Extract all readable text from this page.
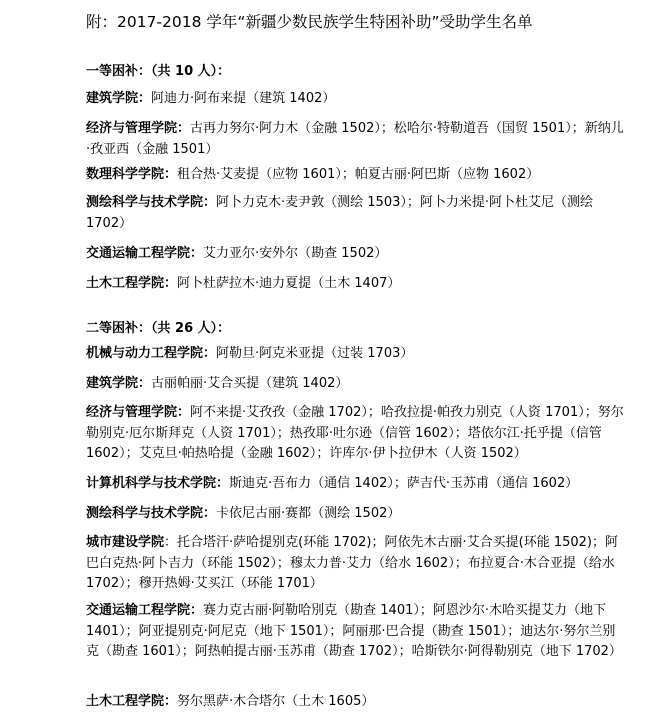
附：2017-2018 学年“新疆少数民族学生特困补助”受助学生名单
一等困补：（共 10 人）：
建筑学院：阿迪力·阿布来提（建筑 1402）
经济与管理学院：古再力努尔·阿力木（金融 1502）；松哈尔·特勒道吾（国贸 1501）；新纳儿·孜亚西（金融 1501）
数理科学学院：租合热·艾麦提（应物 1601）；帕夏古丽·阿巴斯（应物 1602）
测绘科学与技术学院：阿卜力克木·麦尹敦（测绘 1503）；阿卜力米提·阿卜杜艾尼（测绘 1702）
交通运输工程学院：艾力亚尔·安外尔（勘查 1502）
土木工程学院：阿卜杜萨拉木·迪力夏提（土木 1407）
二等困补：（共 26 人）：
机械与动力工程学院：阿勒旦·阿克米亚提（过装 1703）
建筑学院：古丽帕丽·艾合买提（建筑 1402）
经济与管理学院：阿不来提·艾孜孜（金融 1702）；哈孜拉提·帕孜力别克（人资 1701）；努尔勒别克·厄尔斯拜克（人资 1701）；热孜耶·吐尔逊（信管 1602）；塔依尔江·托乎提（信管 1602）；艾克旦·帕热哈提（金融 1602）；许库尔·伊卜拉伊木（人资 1502）
计算机科学与技术学院：斯迪克·吾布力（通信 1402）；萨吉代·玉苏甫（通信 1602）
测绘科学与技术学院：卡依尼古丽·赛都（测绘 1502）
城市建设学院：托合塔汗·萨哈提别克(环能 1702)；阿依先木古丽·艾合买提(环能 1502)；阿巴白克热·阿卜吉力（环能 1502）；穆太力普·艾力（给水 1602）；布拉夏合·木合亚提（给水 1702）；穆开热姆·艾买江（环能 1701）
交通运输工程学院：赛力克古丽·阿勒哈別克（勘查 1401）；阿恩沙尔·木哈买提艾力（地下 1401）；阿亚提别克·阿尼克（地下 1501）；阿丽那·巴合提（勘查 1501）；迪达尔·努尔兰别克（勘查 1601）；阿热帕提古丽·玉苏甫（勘查 1702）；哈斯铁尔·阿得勒别克（地下 1702）
土木工程学院：努尔黑萨·木合塔尔（土木 1605）
